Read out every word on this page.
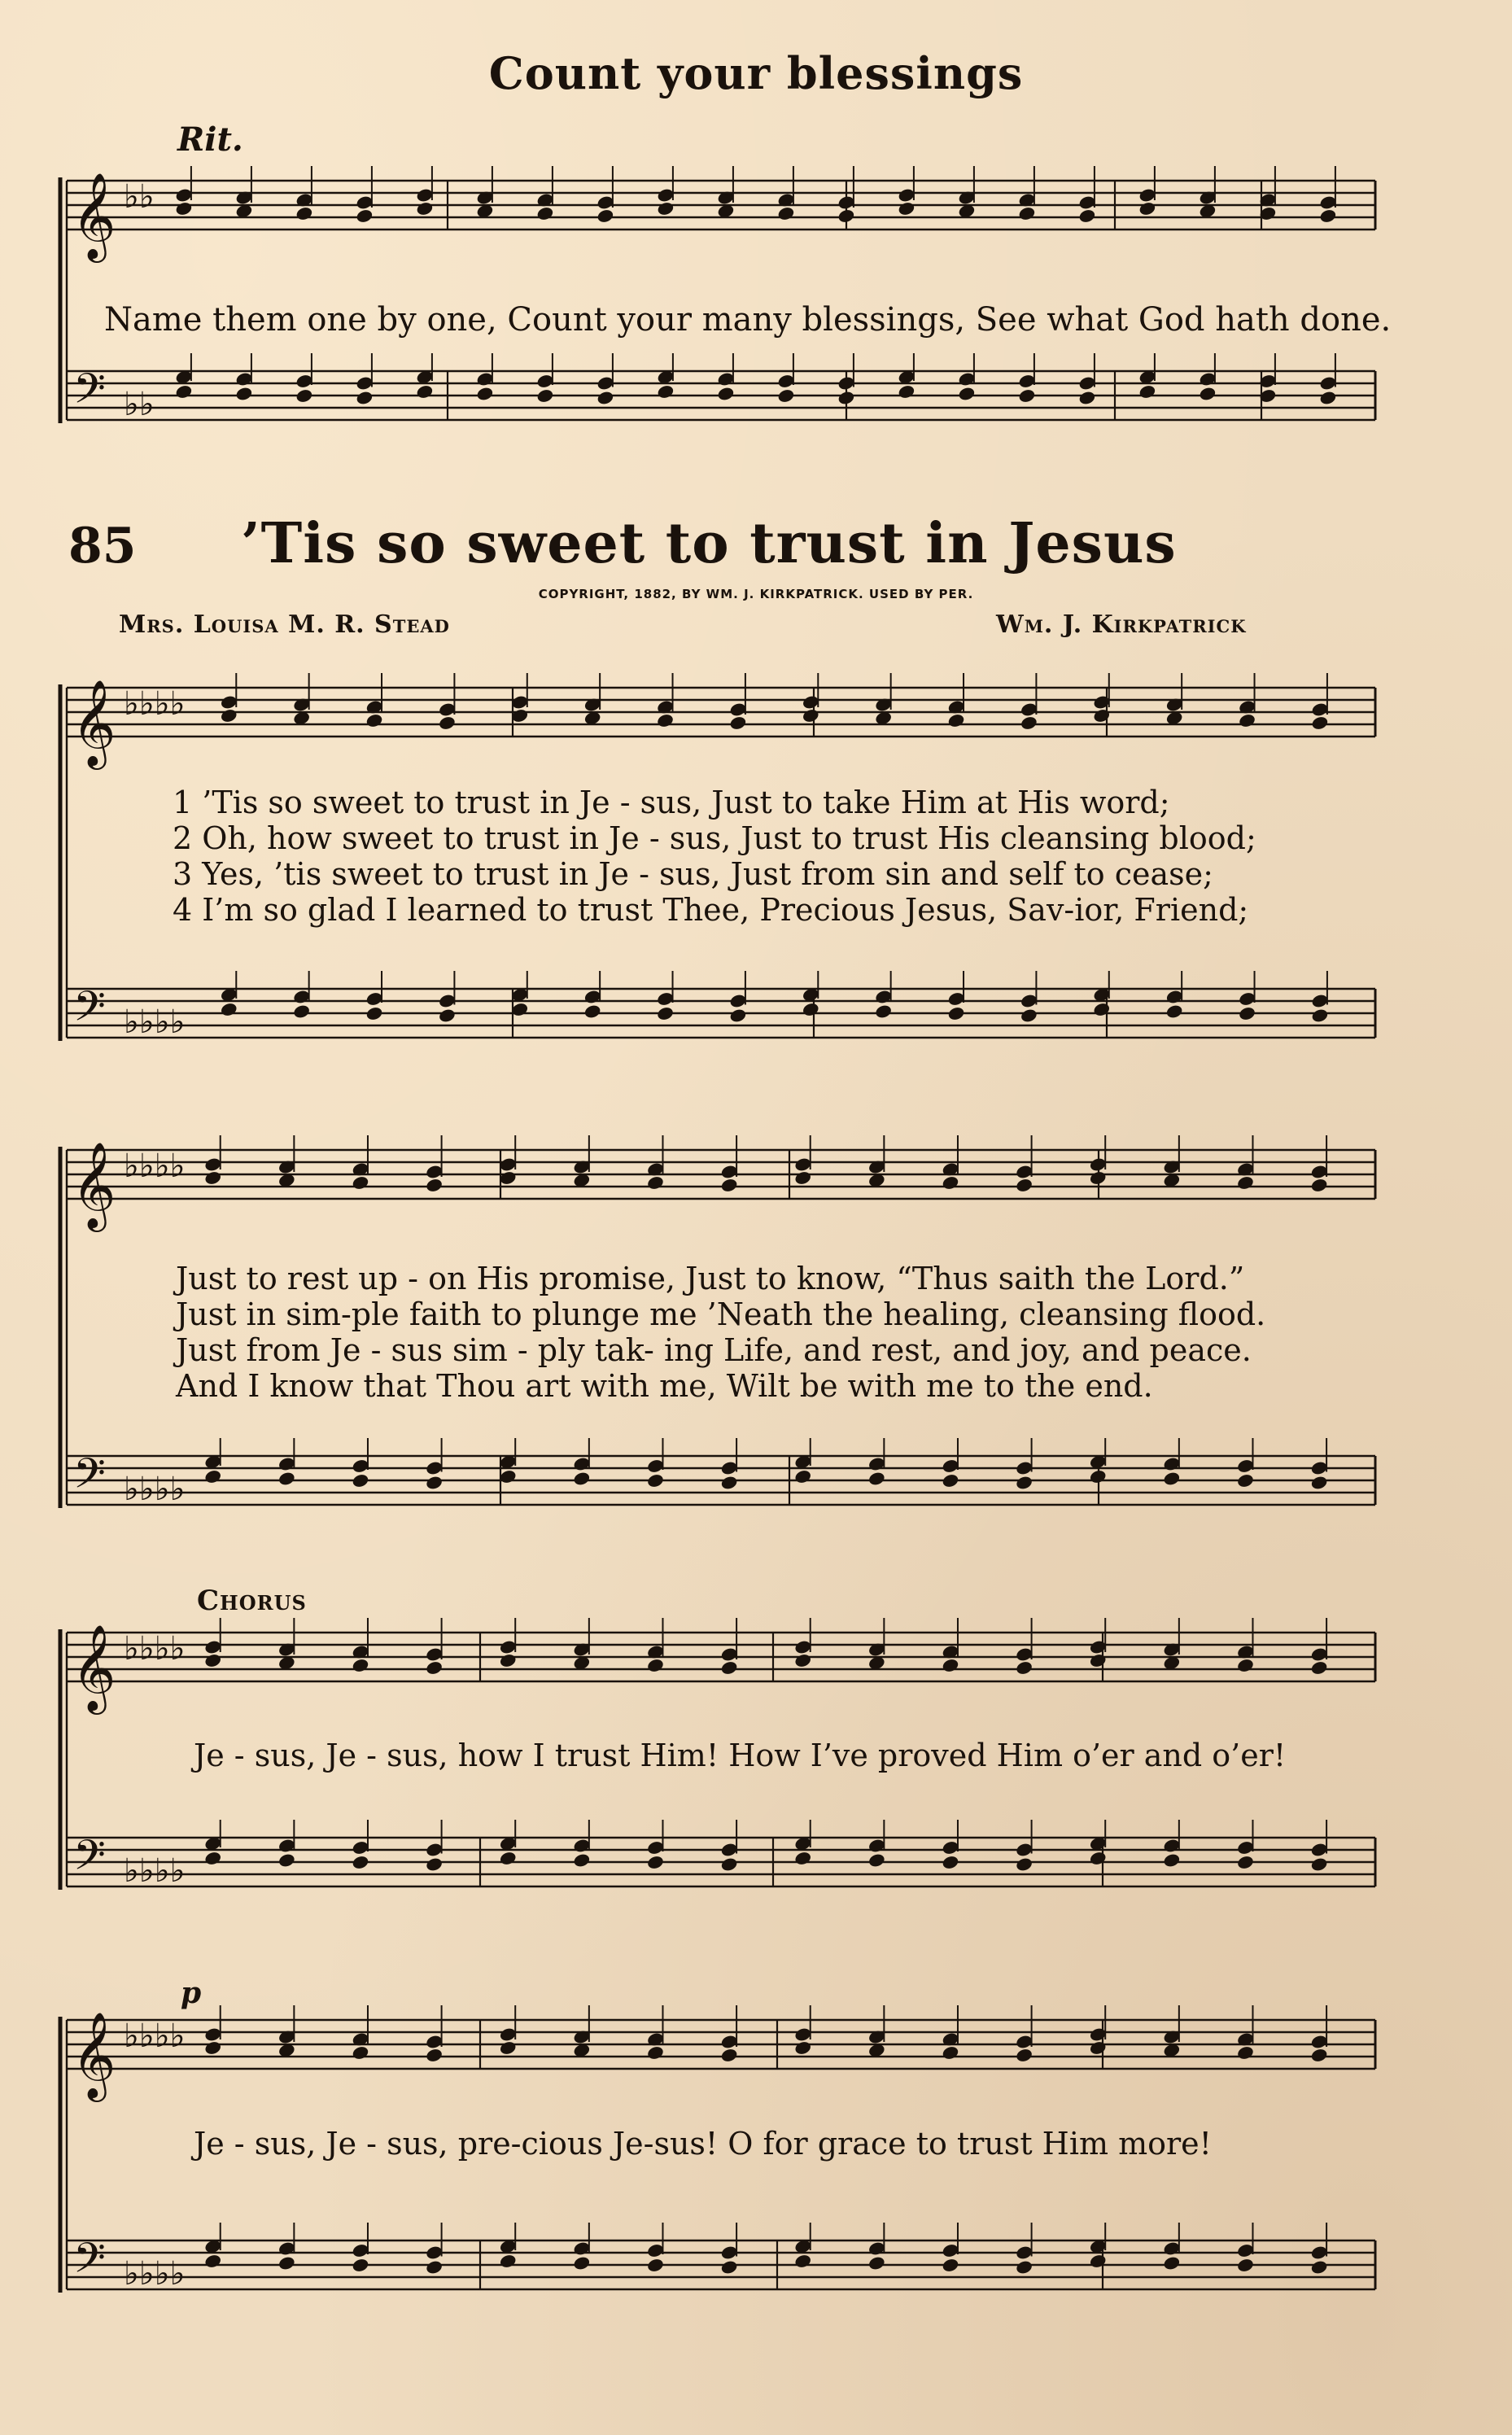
𝄞
𝄢
♭♭
♭♭
𝄞
𝄢
♭♭♭♭
♭♭♭♭
𝄞
𝄢
♭♭♭♭
♭♭♭♭
𝄞
𝄢
♭♭♭♭
♭♭♭♭
𝄞
𝄢
♭♭♭♭
♭♭♭♭
Count your blessings
Rit.
Name them one by one, Count your many blessings, See what God hath done.
85 ’Tis so sweet to trust in Jesus
COPYRIGHT, 1882, BY WM. J. KIRKPATRICK. USED BY PER.
Mrs. Louisa M. R. Stead	Wm. J. Kirkpatrick
1 ’Tis so sweet to trust in Je - sus, Just to take Him at His word;
2 Oh, how sweet to trust in Je - sus, Just to trust His cleansing blood;
3 Yes, ’tis sweet to trust in Je - sus, Just from sin and self to cease;
4 I’m so glad I learned to trust Thee, Precious Jesus, Sav-ior, Friend;
Just to rest up - on His promise, Just to know, “Thus saith the Lord.”
Just in sim-ple faith to plunge me ’Neath the healing, cleansing flood.
Just from Je - sus sim - ply tak- ing Life, and rest, and joy, and peace.
And I know that Thou art with me, Wilt be with me to the end.
Chorus
Je - sus, Je - sus, how I trust Him! How I’ve proved Him o’er and o’er!
p
Je - sus, Je - sus, pre-cious Je-sus! O for grace to trust Him more!
